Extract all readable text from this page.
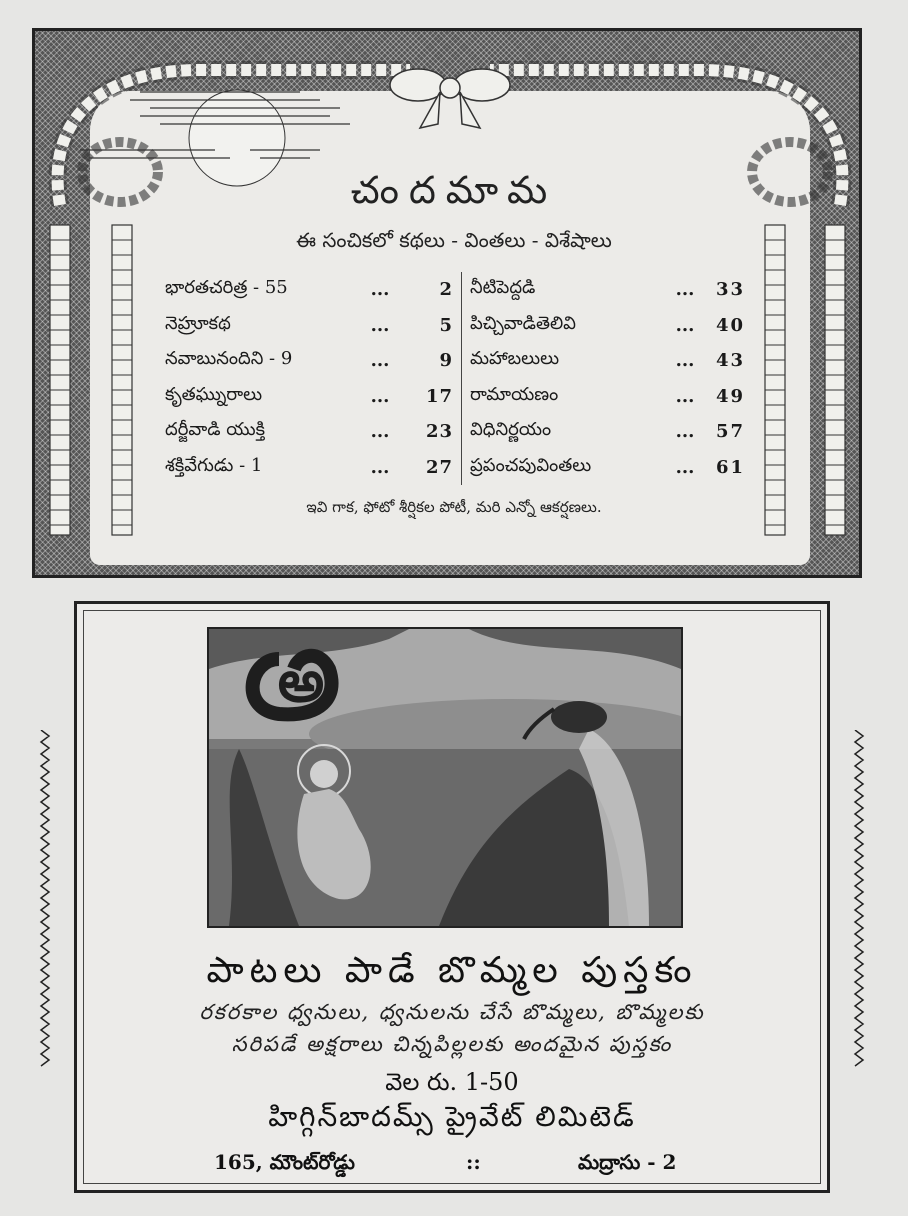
చందమామ
ఈ సంచికలో కథలు - వింతలు - విశేషాలు
భారతచరిత్ర - 55	...	2	నీటిపెద్దడి	...	33
నెహ్రూకథ	...	5	పిచ్చివాడితెలివి	...	40
నవాబునందిని - 9	...	9	మహాబలులు	...	43
కృతఘ్నురాలు	...	17	రామాయణం	...	49
దర్జీవాడి యుక్తి	...	23	విధినిర్ణయం	...	57
శక్తివేగుడు - 1	...	27	ప్రపంచపువింతలు	...	61
ఇవి గాక, ఫోటో శీర్షికల పోటీ, మరి ఎన్నో ఆకర్షణలు.
అ
పాటలు పాడే బొమ్మల పుస్తకం
రకరకాల ధ్వనులు, ధ్వనులను చేసే బొమ్మలు, బొమ్మలకు
సరిపడే అక్షరాలు చిన్నపిల్లలకు అందమైన పుస్తకం
వెల రు. 1-50
హిగ్గిన్‌బాదమ్స్ ప్రైవేట్ లిమిటెడ్
165, మౌంట్‌రోడ్డు	::	మద్రాసు - 2
